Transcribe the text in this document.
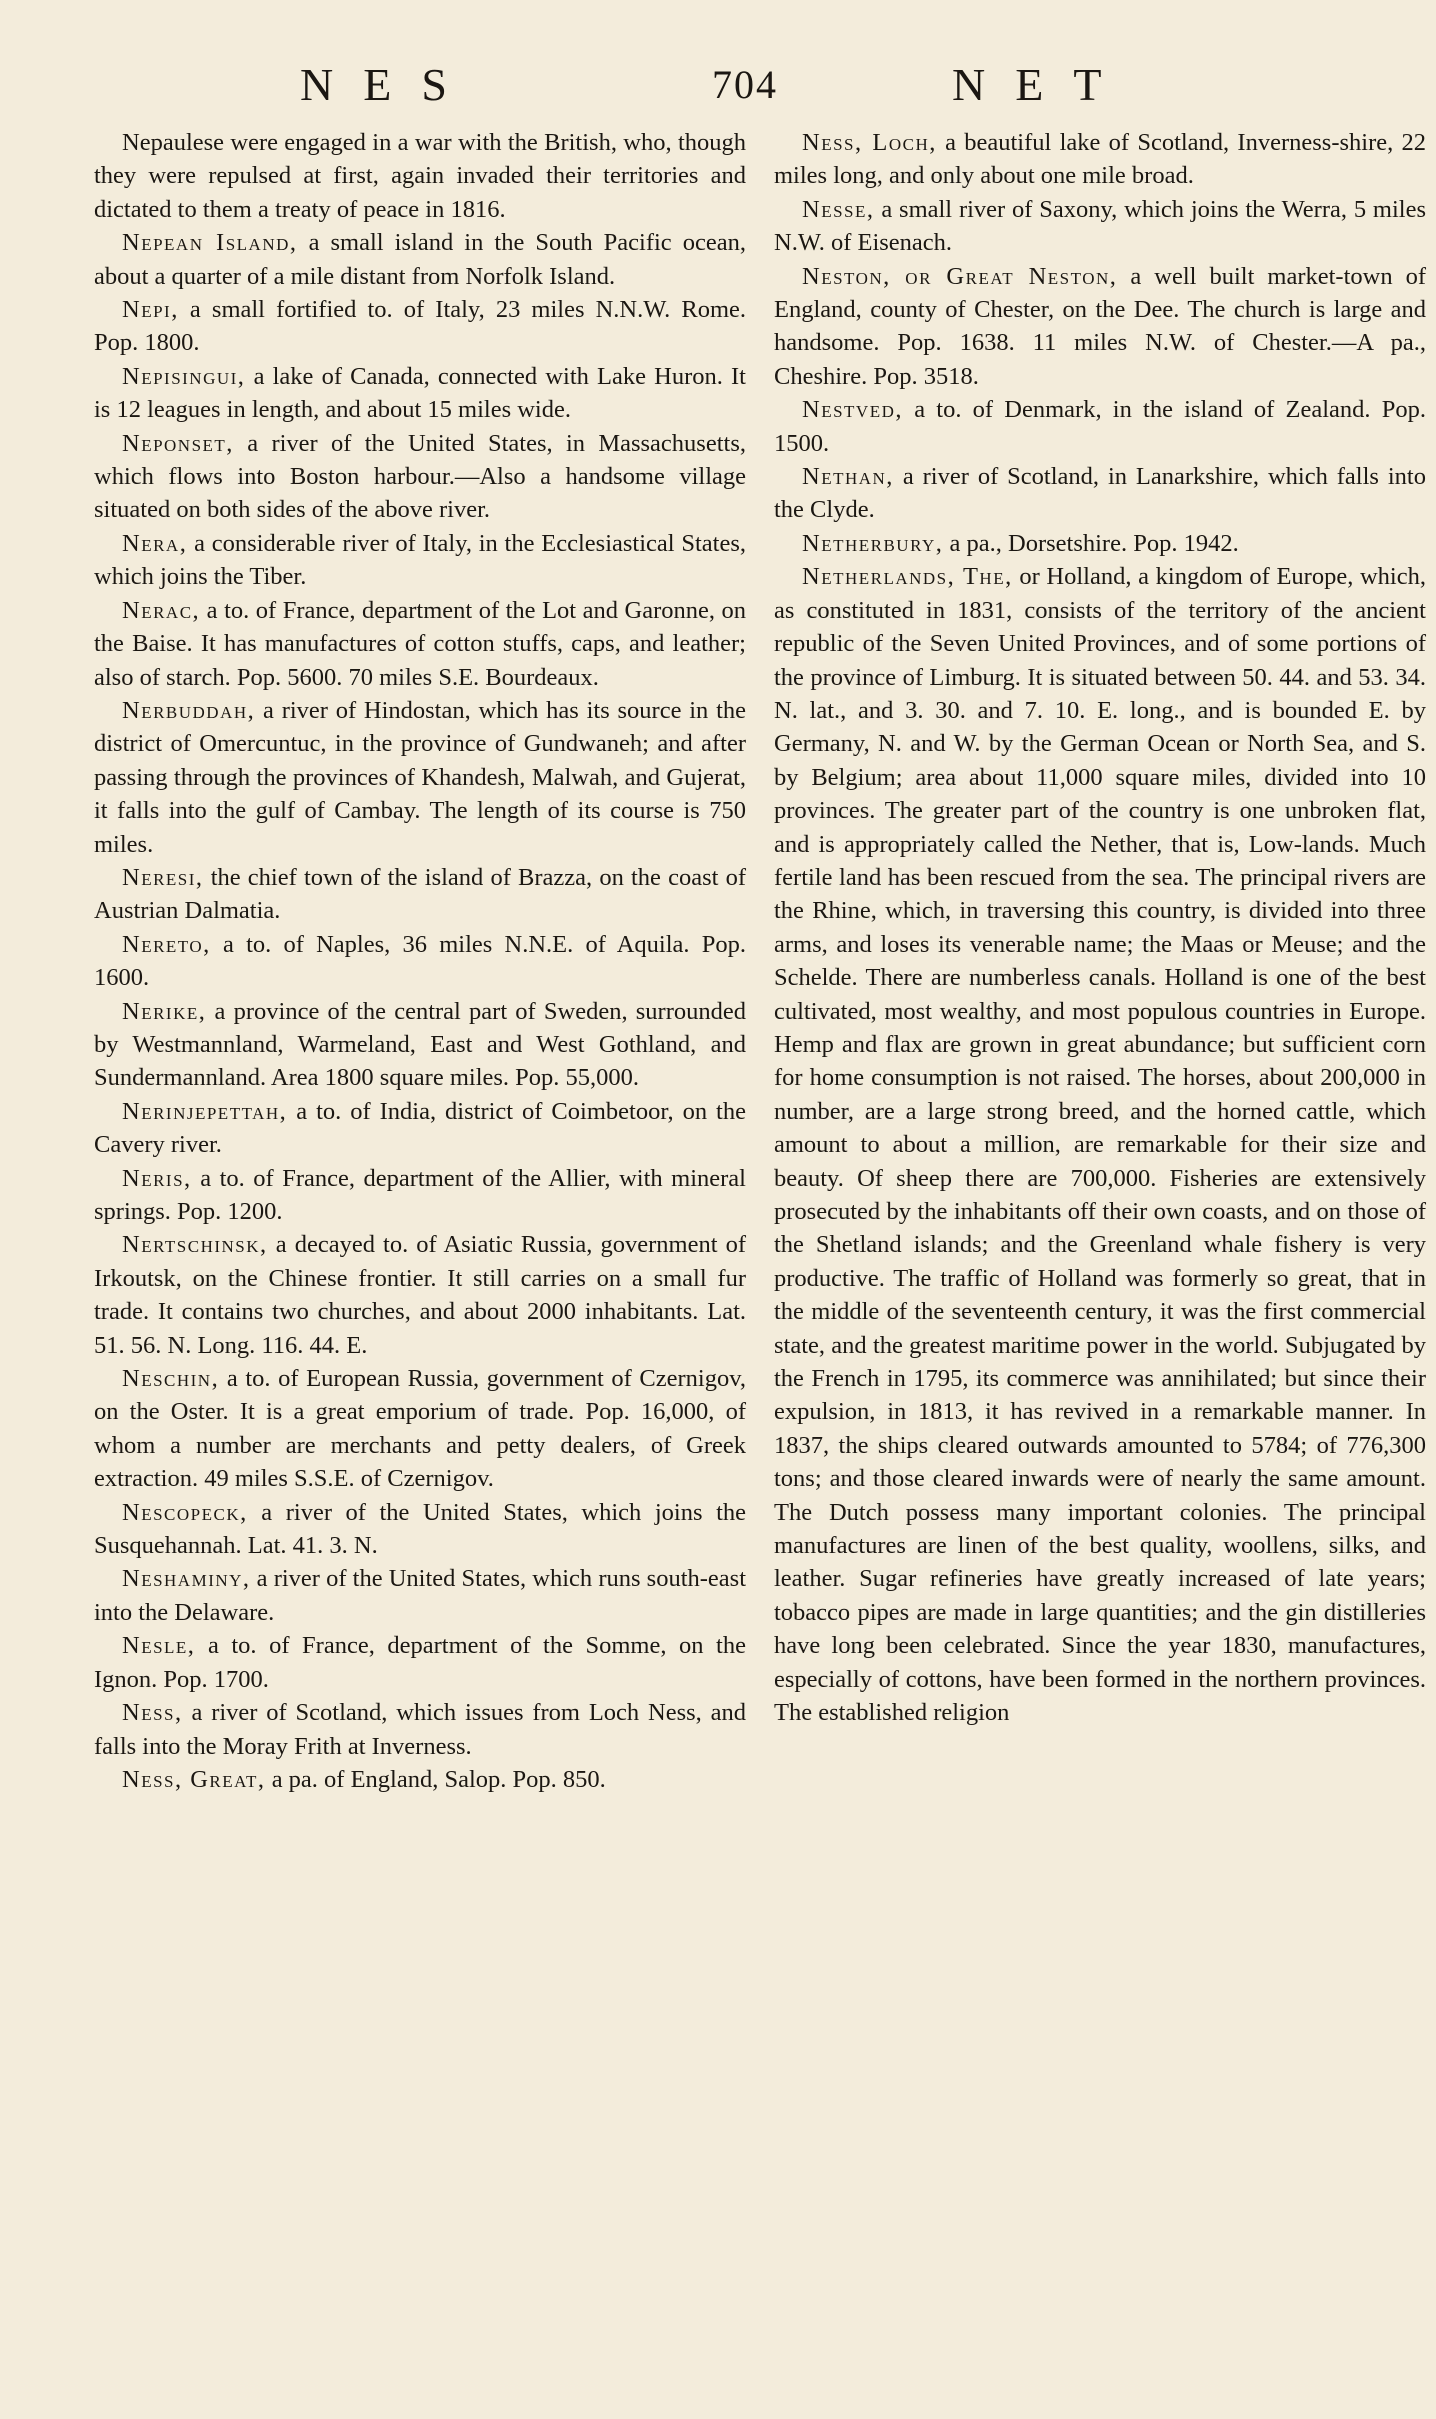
NES	704	NET

Nepaulese were engaged in a war with the British, who, though they were repulsed at first, again invaded their territories and dictated to them a treaty of peace in 1816.

Nepean Island, a small island in the South Pacific ocean, about a quarter of a mile distant from Norfolk Island.

Nepi, a small fortified to. of Italy, 23 miles N.N.W. Rome. Pop. 1800.

Nepisingui, a lake of Canada, connected with Lake Huron. It is 12 leagues in length, and about 15 miles wide.

Neponset, a river of the United States, in Massachusetts, which flows into Boston harbour.—Also a handsome village situated on both sides of the above river.

Nera, a considerable river of Italy, in the Ecclesiastical States, which joins the Tiber.

Nerac, a to. of France, department of the Lot and Garonne, on the Baise. It has manufactures of cotton stuffs, caps, and leather; also of starch. Pop. 5600. 70 miles S.E. Bourdeaux.

Nerbuddah, a river of Hindostan, which has its source in the district of Omercuntuc, in the province of Gundwaneh; and after passing through the provinces of Khandesh, Malwah, and Gujerat, it falls into the gulf of Cambay. The length of its course is 750 miles.

Neresi, the chief town of the island of Brazza, on the coast of Austrian Dalmatia.

Nereto, a to. of Naples, 36 miles N.N.E. of Aquila. Pop. 1600.

Nerike, a province of the central part of Sweden, surrounded by Westmannland, Warmeland, East and West Gothland, and Sundermannland. Area 1800 square miles. Pop. 55,000.

Nerinjepettah, a to. of India, district of Coimbetoor, on the Cavery river.

Neris, a to. of France, department of the Allier, with mineral springs. Pop. 1200.

Nertschinsk, a decayed to. of Asiatic Russia, government of Irkoutsk, on the Chinese frontier. It still carries on a small fur trade. It contains two churches, and about 2000 inhabitants. Lat. 51. 56. N. Long. 116. 44. E.

Neschin, a to. of European Russia, government of Czernigov, on the Oster. It is a great emporium of trade. Pop. 16,000, of whom a number are merchants and petty dealers, of Greek extraction. 49 miles S.S.E. of Czernigov.

Nescopeck, a river of the United States, which joins the Susquehannah. Lat. 41. 3. N.

Neshaminy, a river of the United States, which runs south-east into the Delaware.

Nesle, a to. of France, department of the Somme, on the Ignon. Pop. 1700.

Ness, a river of Scotland, which issues from Loch Ness, and falls into the Moray Frith at Inverness.

Ness, Great, a pa. of England, Salop. Pop. 850.

Ness, Loch, a beautiful lake of Scotland, Inverness-shire, 22 miles long, and only about one mile broad.

Nesse, a small river of Saxony, which joins the Werra, 5 miles N.W. of Eisenach.

Neston, or Great Neston, a well built market-town of England, county of Chester, on the Dee. The church is large and handsome. Pop. 1638. 11 miles N.W. of Chester.—A pa., Cheshire. Pop. 3518.

Nestved, a to. of Denmark, in the island of Zealand. Pop. 1500.

Nethan, a river of Scotland, in Lanarkshire, which falls into the Clyde.

Netherbury, a pa., Dorsetshire. Pop. 1942.

Netherlands, The, or Holland, a kingdom of Europe, which, as constituted in 1831, consists of the territory of the ancient republic of the Seven United Provinces, and of some portions of the province of Limburg. It is situated between 50. 44. and 53. 34. N. lat., and 3. 30. and 7. 10. E. long., and is bounded E. by Germany, N. and W. by the German Ocean or North Sea, and S. by Belgium; area about 11,000 square miles, divided into 10 provinces. The greater part of the country is one unbroken flat, and is appropriately called the Nether, that is, Low-lands. Much fertile land has been rescued from the sea. The principal rivers are the Rhine, which, in traversing this country, is divided into three arms, and loses its venerable name; the Maas or Meuse; and the Schelde. There are numberless canals. Holland is one of the best cultivated, most wealthy, and most populous countries in Europe. Hemp and flax are grown in great abundance; but sufficient corn for home consumption is not raised. The horses, about 200,000 in number, are a large strong breed, and the horned cattle, which amount to about a million, are remarkable for their size and beauty. Of sheep there are 700,000. Fisheries are extensively prosecuted by the inhabitants off their own coasts, and on those of the Shetland islands; and the Greenland whale fishery is very productive. The traffic of Holland was formerly so great, that in the middle of the seventeenth century, it was the first commercial state, and the greatest maritime power in the world. Subjugated by the French in 1795, its commerce was annihilated; but since their expulsion, in 1813, it has revived in a remarkable manner. In 1837, the ships cleared outwards amounted to 5784; of 776,300 tons; and those cleared inwards were of nearly the same amount. The Dutch possess many important colonies. The principal manufactures are linen of the best quality, woollens, silks, and leather. Sugar refineries have greatly increased of late years; tobacco pipes are made in large quantities; and the gin distilleries have long been celebrated. Since the year 1830, manufactures, especially of cottons, have been formed in the northern provinces. The established religion
